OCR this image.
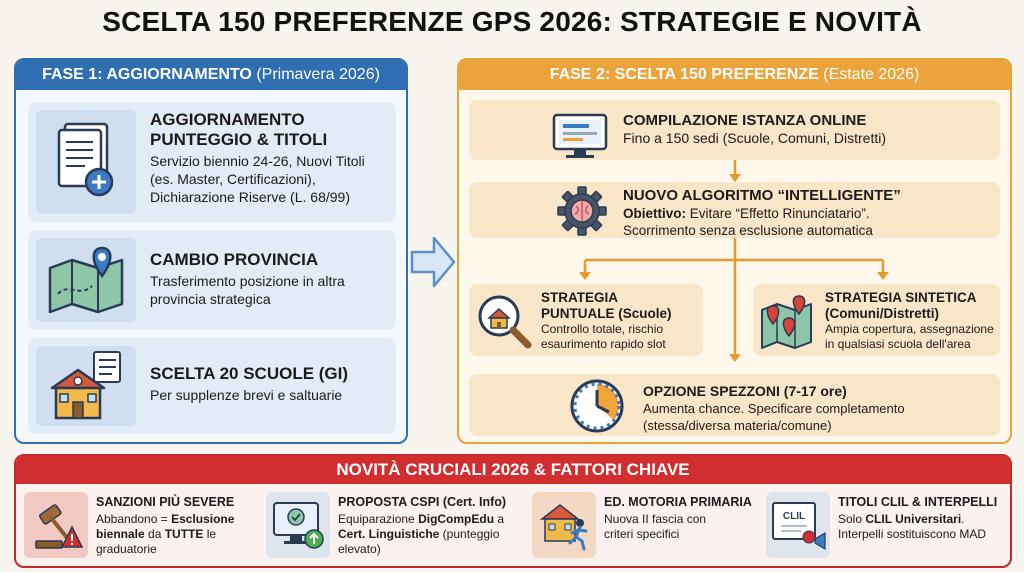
SCELTA 150 PREFERENZE GPS 2026: STRATEGIE E NOVITÀ
FASE 1: AGGIORNAMENTO (Primavera 2026)
AGGIORNAMENTO
PUNTEGGIO & TITOLI
Servizio biennio 24-26, Nuovi Titoli (es. Master, Certificazioni), Dichiarazione Riserve (L. 68/99)
CAMBIO PROVINCIA
Trasferimento posizione in altra provincia strategica
SCELTA 20 SCUOLE (GI)
Per supplenze brevi e saltuarie
FASE 2: SCELTA 150 PREFERENZE (Estate 2026)
COMPILAZIONE ISTANZA ONLINE
Fino a 150 sedi (Scuole, Comuni, Distretti)
NUOVO ALGORITMO “INTELLIGENTE”
Obiettivo: Evitare “Effetto Rinunciatario”.
Scorrimento senza esclusione automatica
STRATEGIA
PUNTUALE (Scuole)
Controllo totale, rischio esaurimento rapido slot
STRATEGIA SINTETICA
(Comuni/Distretti)
Ampia copertura, assegnazione in qualsiasi scuola dell'area
OPZIONE SPEZZONI (7-17 ore)
Aumenta chance. Specificare completamento (stessa/diversa materia/comune)
NOVITÀ CRUCIALI 2026 & FATTORI CHIAVE
SANZIONI PIÙ SEVERE
Abbandono = Esclusione biennale da TUTTE le graduatorie
PROPOSTA CSPI (Cert. Info)
Equiparazione DigCompEdu a Cert. Linguistiche (punteggio elevato)
ED. MOTORIA PRIMARIA
Nuova II fascia con criteri specifici
CLIL
TITOLI CLIL & INTERPELLI
Solo CLIL Universitari.
Interpelli sostituiscono MAD
